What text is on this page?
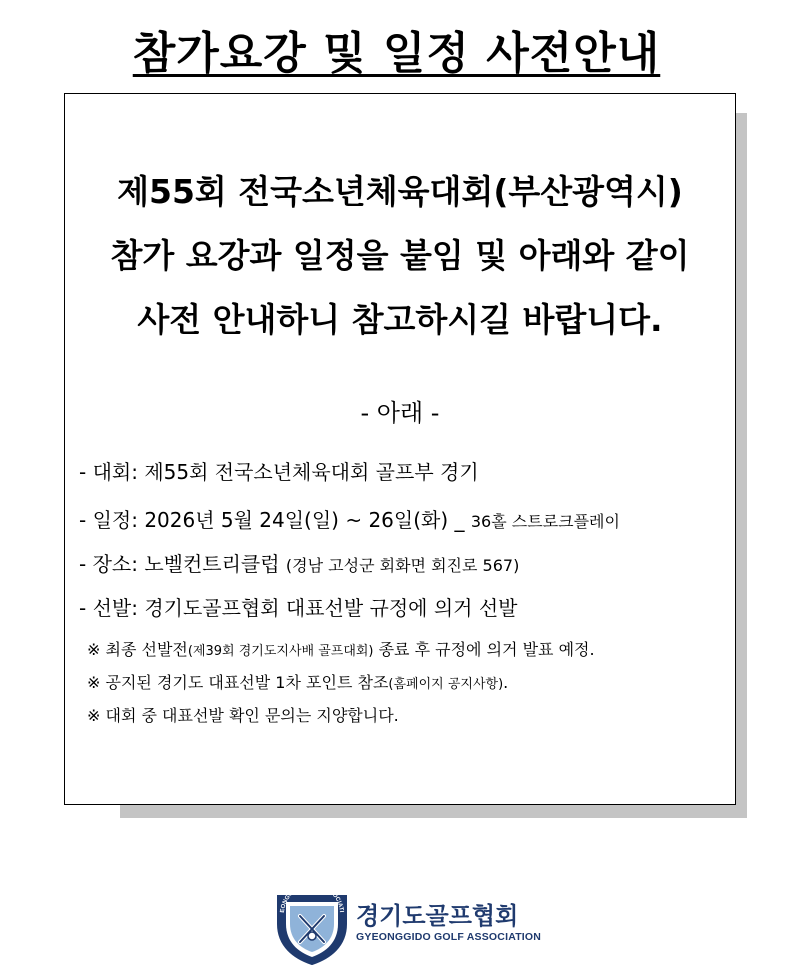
참가요강 및 일정 사전안내
제55회 전국소년체육대회(부산광역시)
참가 요강과 일정을 붙임 및 아래와 같이
사전 안내하니 참고하시길 바랍니다.
- 아래 -
- 대회: 제55회 전국소년체육대회 골프부 경기
- 일정: 2026년 5월 24일(일) ~ 26일(화) _ 36홀 스트로크플레이
- 장소: 노벨컨트리클럽 (경남 고성군 회화면 회진로 567)
- 선발: 경기도골프협회 대표선발 규정에 의거 선발
※ 최종 선발전(제39회 경기도지사배 골프대회) 종료 후 규정에 의거 발표 예정.
※ 공지된 경기도 대표선발 1차 포인트 참조(홈페이지 공지사항).
※ 대회 중 대표선발 확인 문의는 지양합니다.
EONGGI SOCIATI 경기도골프협회
GYEONGGIDO GOLF ASSOCIATION
